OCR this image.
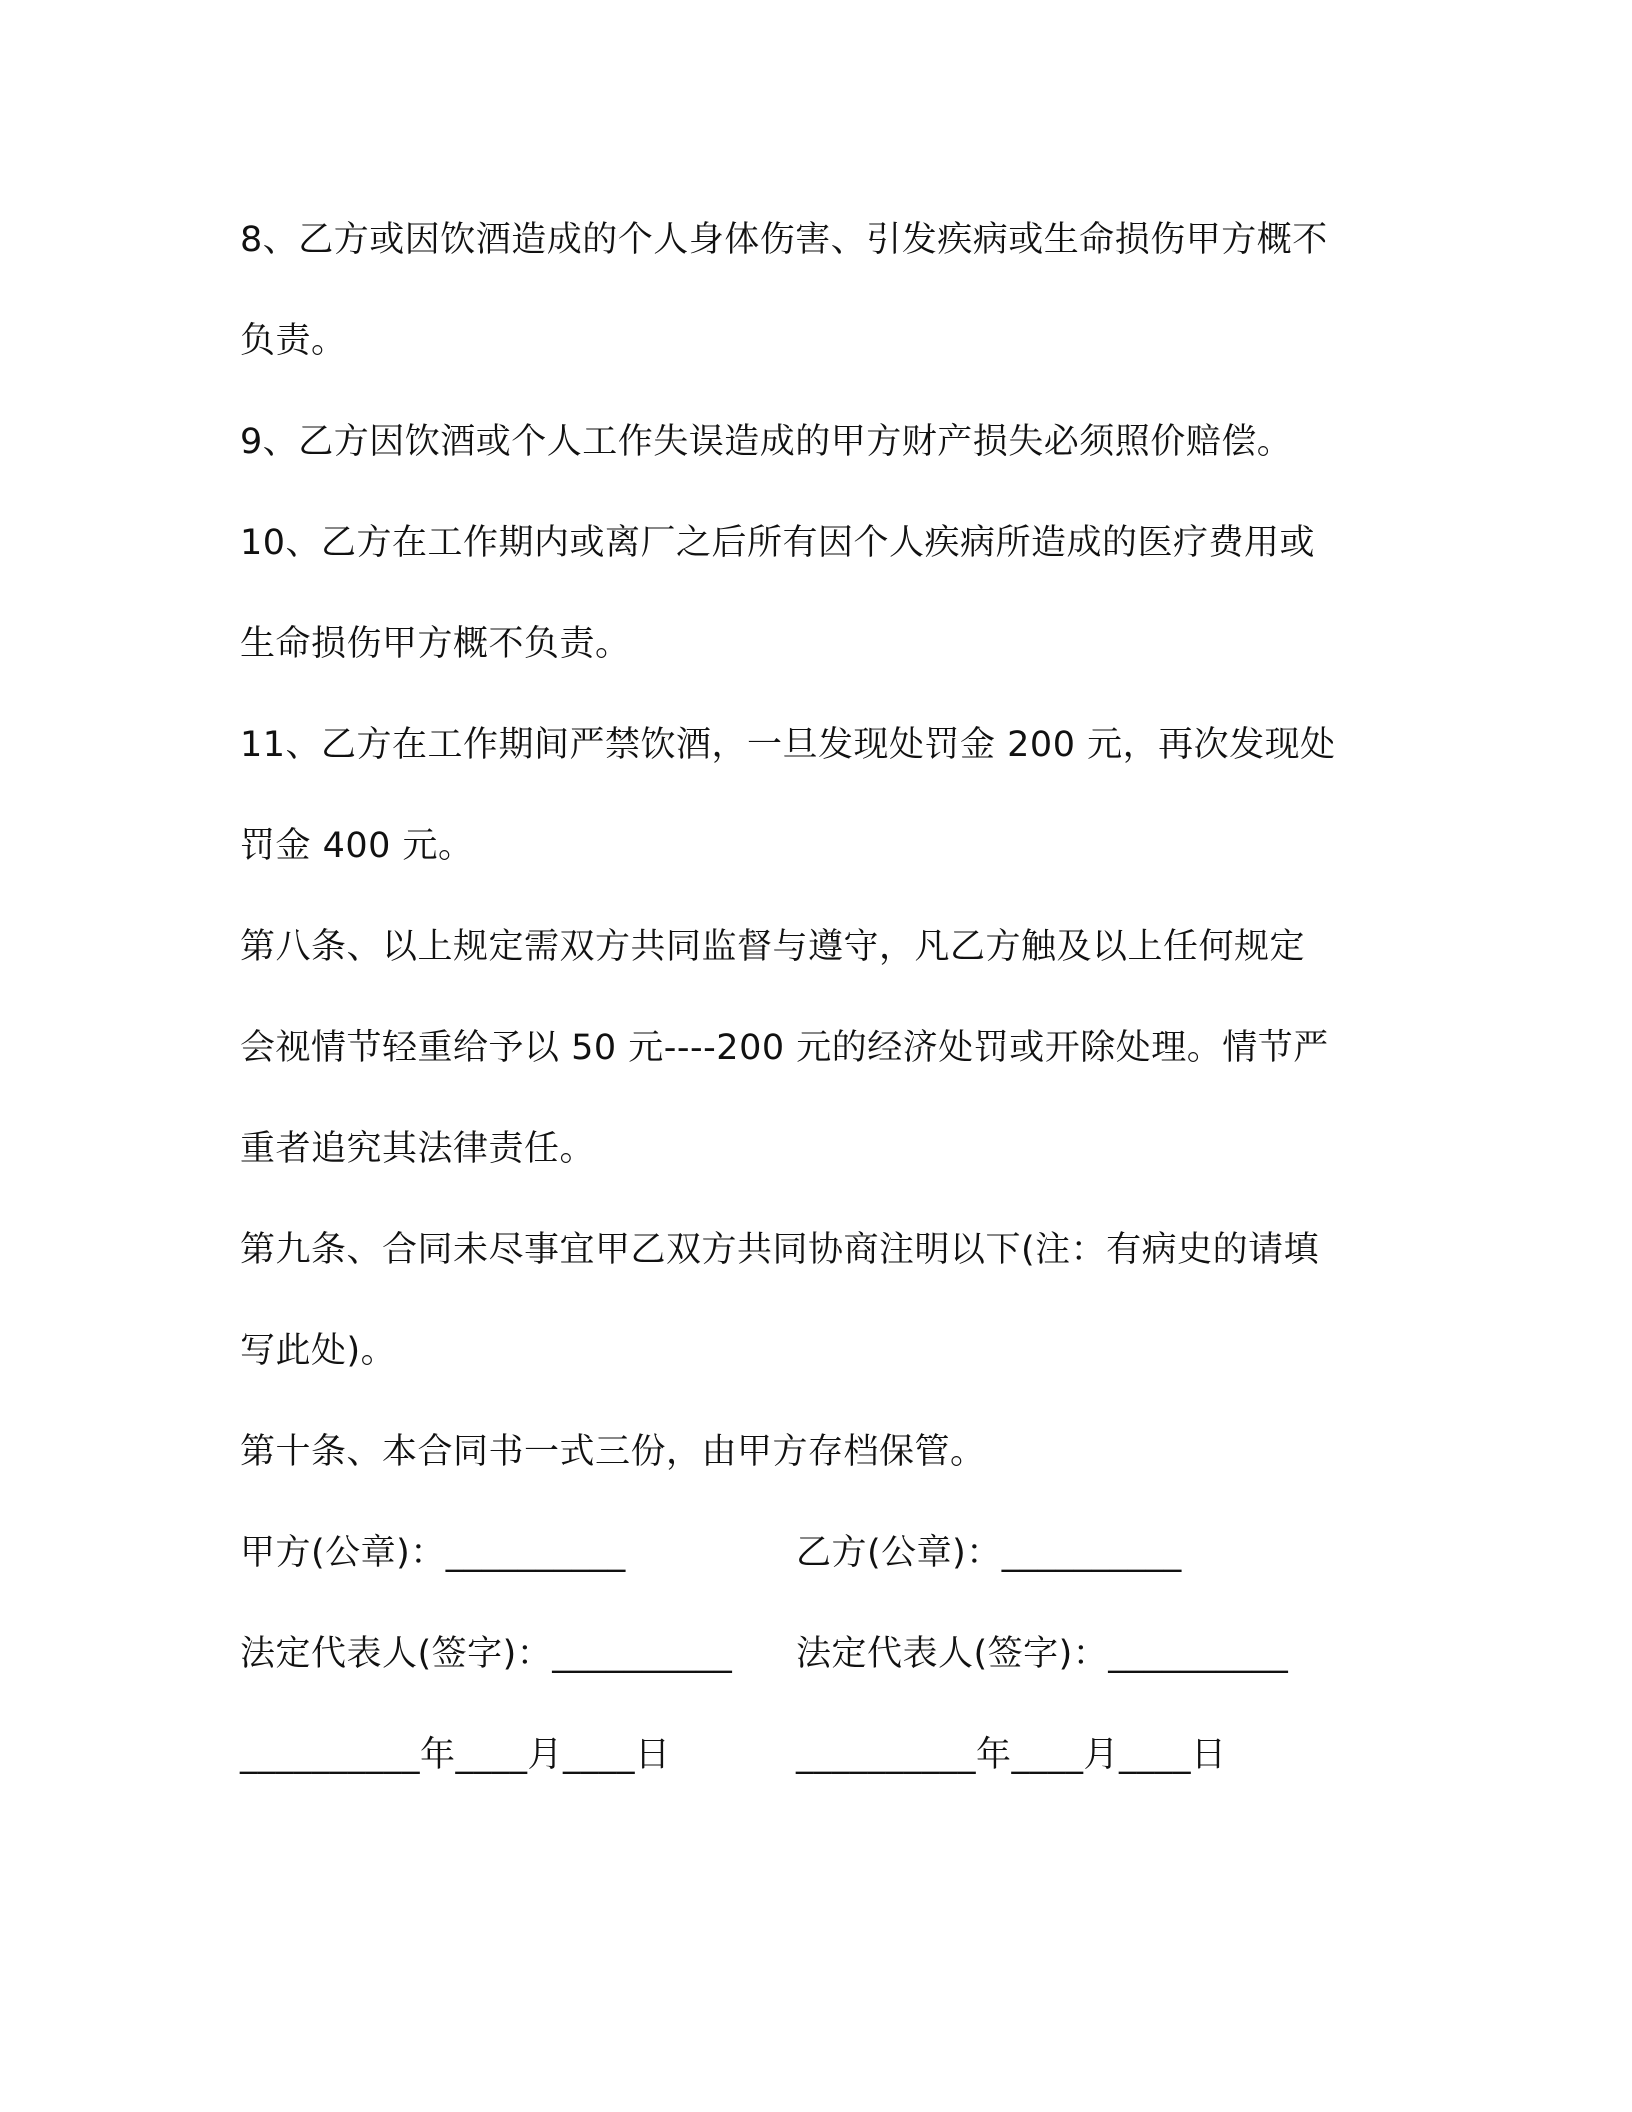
8、乙方或因饮酒造成的个人身体伤害、引发疾病或生命损伤甲方概不
负责。
9、乙方因饮酒或个人工作失误造成的甲方财产损失必须照价赔偿。
10、乙方在工作期内或离厂之后所有因个人疾病所造成的医疗费用或
生命损伤甲方概不负责。
11、乙方在工作期间严禁饮酒，一旦发现处罚金 200 元，再次发现处
罚金 400 元。
第八条、以上规定需双方共同监督与遵守，凡乙方触及以上任何规定
会视情节轻重给予以 50 元----200 元的经济处罚或开除处理。情节严
重者追究其法律责任。
第九条、合同未尽事宜甲乙双方共同协商注明以下(注：有病史的请填
写此处)。
第十条、本合同书一式三份，由甲方存档保管。
甲方(公章)：__________	乙方(公章)：__________
法定代表人(签字)：__________ 法定代表人(签字)：__________
__________年____月____日	__________年____月____日
